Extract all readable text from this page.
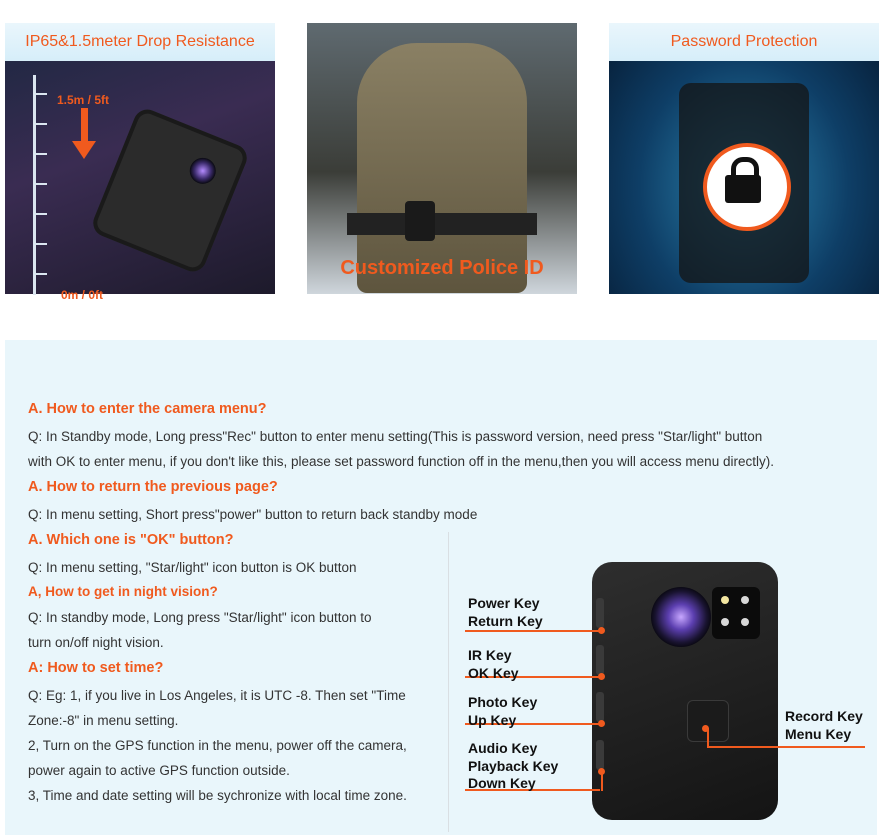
IP65&1.5meter Drop Resistance
1.5m / 5ft
0m / 0ft
Customized Police ID
Password Protection
A. How to enter the camera menu?
Q: In Standby mode, Long press"Rec" button to enter menu setting(This is password version, need press "Star/light" button
with OK to enter menu, if you don't like this, please set password function off in the menu,then you will access menu directly).
A. How to return the previous page?
Q: In menu setting, Short press"power" button to return back standby mode
A. Which one is "OK" button?
Q: In menu setting, "Star/light" icon button is OK button
A, How to get in night vision?
Q: In standby mode, Long press "Star/light" icon button to
turn on/off night vision.
A: How to set time?
Q: Eg: 1, if you live in Los Angeles, it is UTC -8. Then set "Time
Zone:-8" in menu setting.
2, Turn on the GPS function in the menu, power off the camera,
power again to active GPS function outside.
3, Time and date setting will be sychronize with local time zone.
Power Key
Return Key
IR Key
OK Key
Photo Key
Up Key
Audio Key
Playback Key
Down Key
Record Key
Menu Key
